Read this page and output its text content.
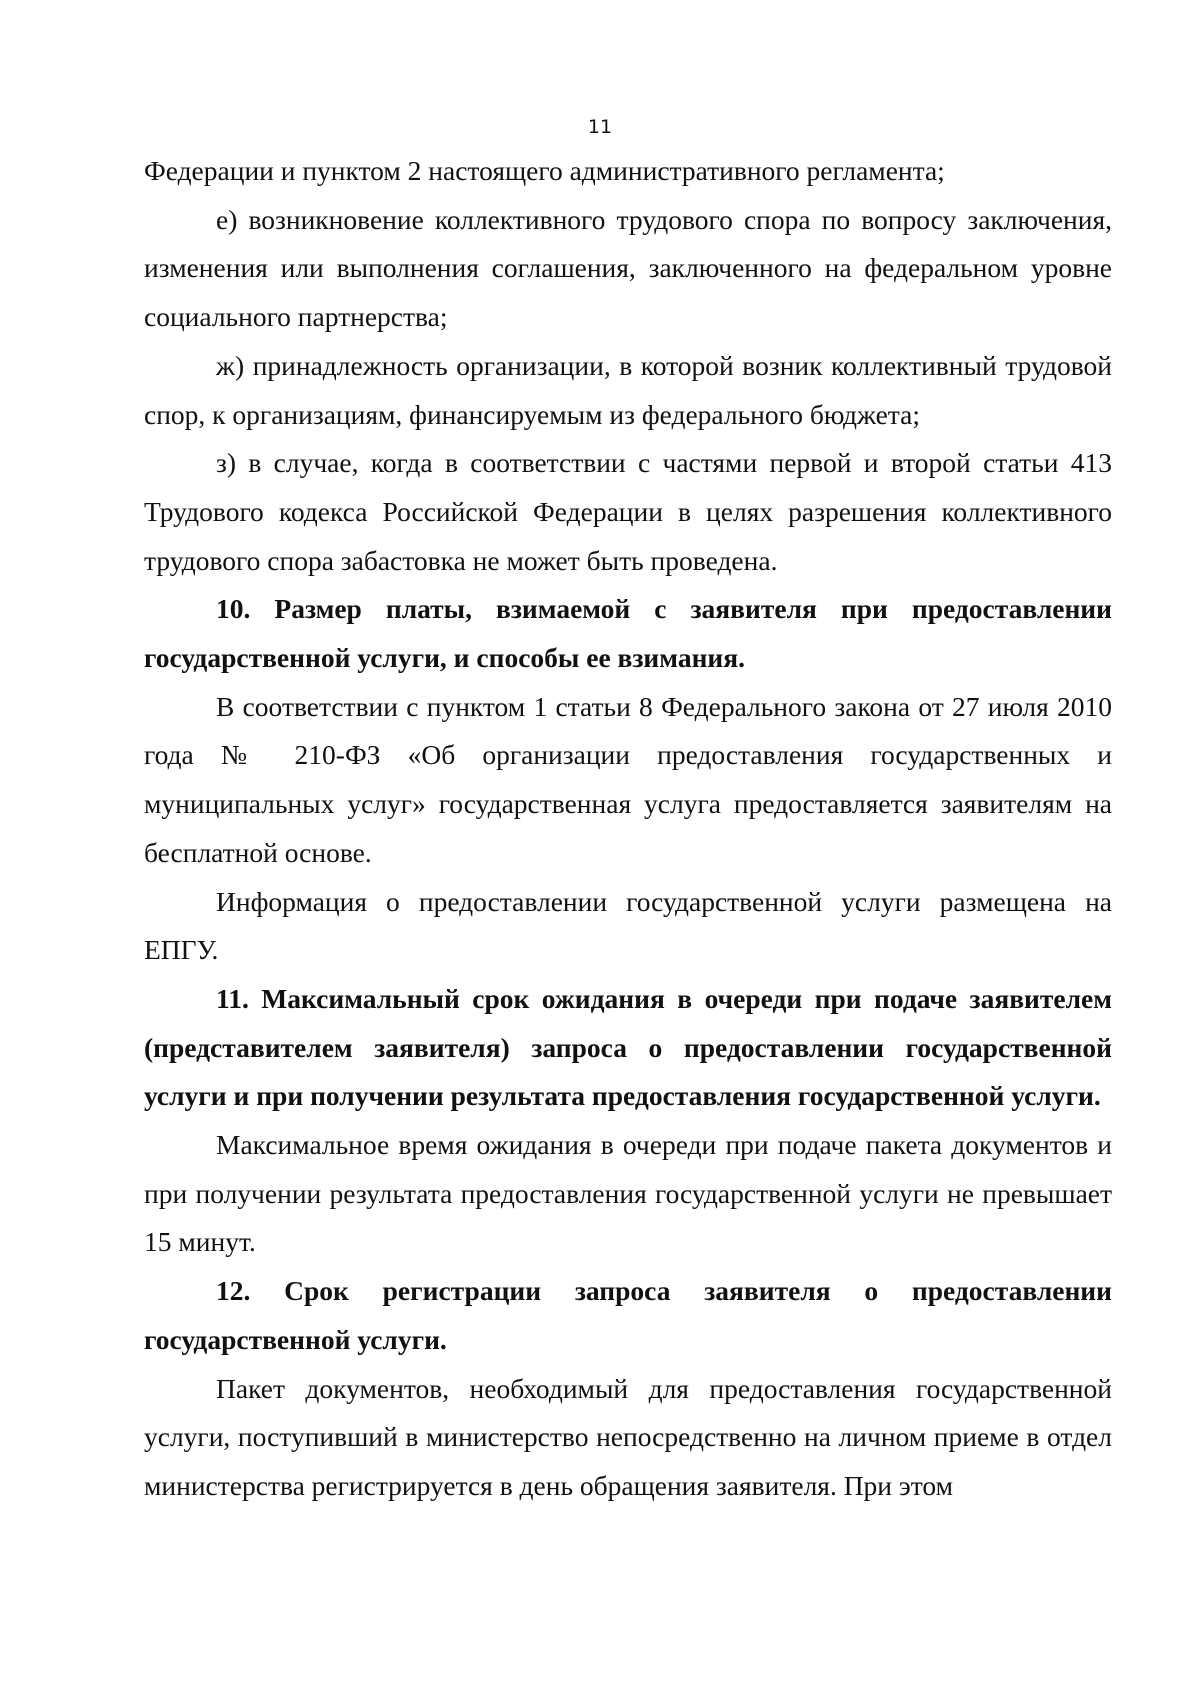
11

Федерации и пунктом 2 настоящего административного регламента;

е) возникновение коллективного трудового спора по вопросу заключения, изменения или выполнения соглашения, заключенного на федеральном уровне социального партнерства;

ж) принадлежность организации, в которой возник коллективный трудовой спор, к организациям, финансируемым из федерального бюджета;

з) в случае, когда в соответствии с частями первой и второй статьи 413 Трудового кодекса Российской Федерации в целях разрешения коллективного трудового спора забастовка не может быть проведена.

10. Размер платы, взимаемой с заявителя при предоставлении государственной услуги, и способы ее взимания.

В соответствии с пунктом 1 статьи 8 Федерального закона от 27 июля 2010 года № 210-ФЗ «Об организации предоставления государственных и муниципальных услуг» государственная услуга предоставляется заявителям на бесплатной основе.

Информация о предоставлении государственной услуги размещена на ЕПГУ.

11. Максимальный срок ожидания в очереди при подаче заявителем (представителем заявителя) запроса о предоставлении государственной услуги и при получении результата предоставления государственной услуги.

Максимальное время ожидания в очереди при подаче пакета документов и при получении результата предоставления государственной услуги не превышает 15 минут.

12. Срок регистрации запроса заявителя о предоставлении государственной услуги.

Пакет документов, необходимый для предоставления государственной услуги, поступивший в министерство непосредственно на личном приеме в отдел министерства регистрируется в день обращения заявителя. При этом
